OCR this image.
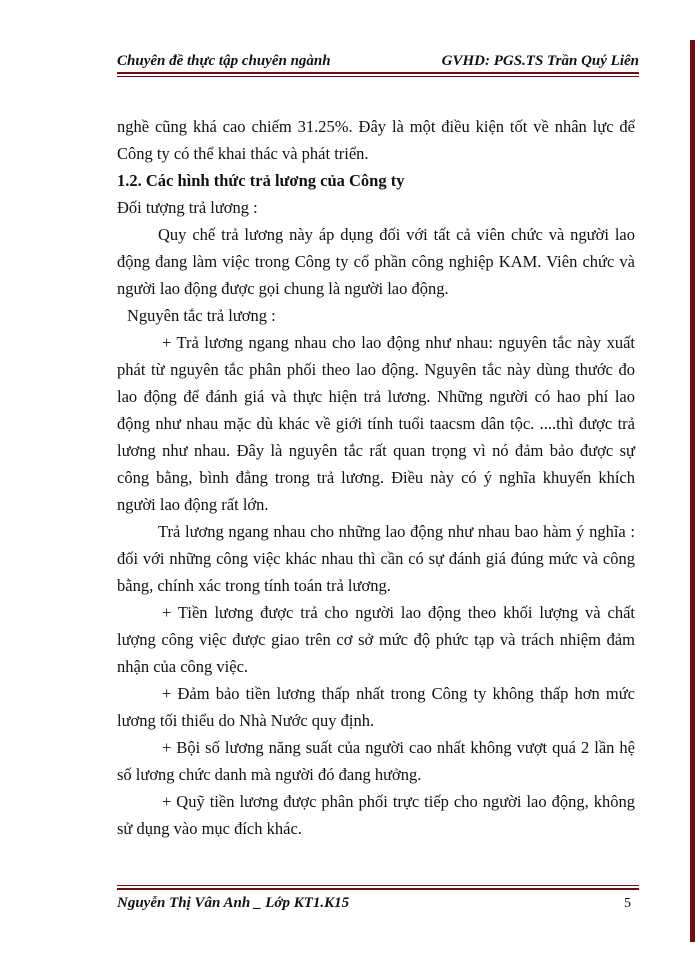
Chuyên đề thực tập chuyên ngành	GVHD: PGS.TS Trần Quý Liên

nghề cũng khá cao chiếm 31.25%. Đây là một điều kiện tốt về nhân lực để Công ty có thể khai thác và phát triển.

1.2. Các hình thức trả lương của Công ty

Đối tượng trả lương :

Quy chế trả lương này áp dụng đối với tất cả viên chức và người lao động đang làm việc trong Công ty cổ phần công nghiệp KAM. Viên chức và người lao động được gọi chung là người lao động.

Nguyên tắc trả lương :

+ Trả lương ngang nhau cho lao động như nhau: nguyên tắc này xuất phát từ nguyên tắc phân phối theo lao động. Nguyên tắc này dùng thước đo lao động để đánh giá và thực hiện trả lương. Những người có hao phí lao động như nhau mặc dù khác về giới tính tuổi taacsm dân tộc. ....thì được trả lương như nhau. Đây là nguyên tắc rất quan trọng vì nó đảm bảo được sự công bằng, bình đẳng trong trả lương. Điều này có ý nghĩa khuyến khích người lao động rất lớn.

Trả lương ngang nhau cho những lao động như nhau bao hàm ý nghĩa : đối với những công việc khác nhau thì cần có sự đánh giá đúng mức và công bằng, chính xác trong tính toán trả lương.

+ Tiền lương được trả cho người lao động theo khối lượng và chất lượng công việc được giao trên cơ sở mức độ phức tạp và trách nhiệm đảm nhận của công việc.

+ Đảm bảo tiền lương thấp nhất trong Công ty không thấp hơn mức lương tối thiểu do Nhà Nước quy định.

+ Bội số lương năng suất của người cao nhất không vượt quá 2 lần hệ số lương chức danh mà người đó đang hưởng.

+ Quỹ tiền lương được phân phối trực tiếp cho người lao động, không sử dụng vào mục đích khác.

Nguyễn Thị Vân Anh _ Lớp KT1.K15	5
